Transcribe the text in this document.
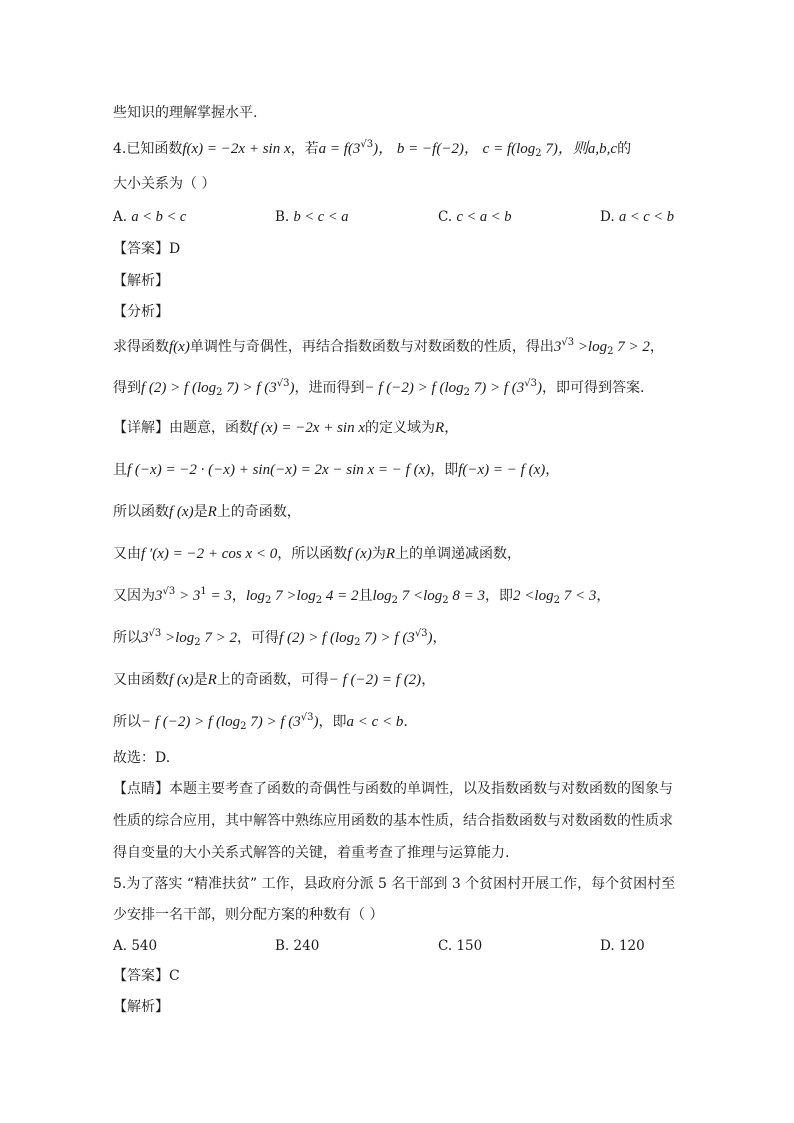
些知识的理解掌握水平.
4.已知函数f(x) = −2x + sin x，若$a = f(3^{√3})$， b = −f(−2)， $c = f(\log_2$ 7)，则a,b,c的
大小关系为（ ）
A. a < b < c	B. b < c < a	C. c < a < b	D. a < c < b
【答案】D
【解析】
【分析】
求得函数f(x)单调性与奇偶性，再结合指数函数与对数函数的性质，得出$3^{√3} >\log_2$ 7 > 2，
得到f (2) > f ($\log_2$ 7) > f $(3^{√3})$，进而得到− f (−2) > f ($\log_2$ 7) > f $(3^{√3})$，即可得到答案.
【详解】由题意，函数f (x) = −2x + sin x的定义域为R，
且f (−x) = −2 · (−x) + sin(−x) = 2x − sin x = − f (x)，即f(−x) = − f (x)，
所以函数f (x)是R上的奇函数，
又由f ′(x) = −2 + cos x < 0，所以函数f (x)为R上的单调递减函数，
又因为$3^{√3} > 3^1 = 3$，$\log_2 7 >\log_2$ 4 = 2且$\log_2 7 <\log_2$ 8 = 3，即$2 <\log_2$ 7 < 3，
所以$3^{√3} >\log_2$ 7 > 2，可得f (2) > f ($\log_2$ 7) > f $(3^{√3})$，
又由函数f (x)是R上的奇函数，可得− f (−2) = f (2)，
所以− f (−2) > f ($\log_2$ 7) > f $(3^{√3})$，即a < c < b.
故选：D.
【点睛】本题主要考查了函数的奇偶性与函数的单调性，以及指数函数与对数函数的图象与
性质的综合应用，其中解答中熟练应用函数的基本性质，结合指数函数与对数函数的性质求
得自变量的大小关系式解答的关键，着重考查了推理与运算能力.
5.为了落实 “精准扶贫” 工作，县政府分派 5 名干部到 3 个贫困村开展工作，每个贫困村至
少安排一名干部，则分配方案的种数有（ ）
A. 540	B. 240	C. 150	D. 120
【答案】C
【解析】
